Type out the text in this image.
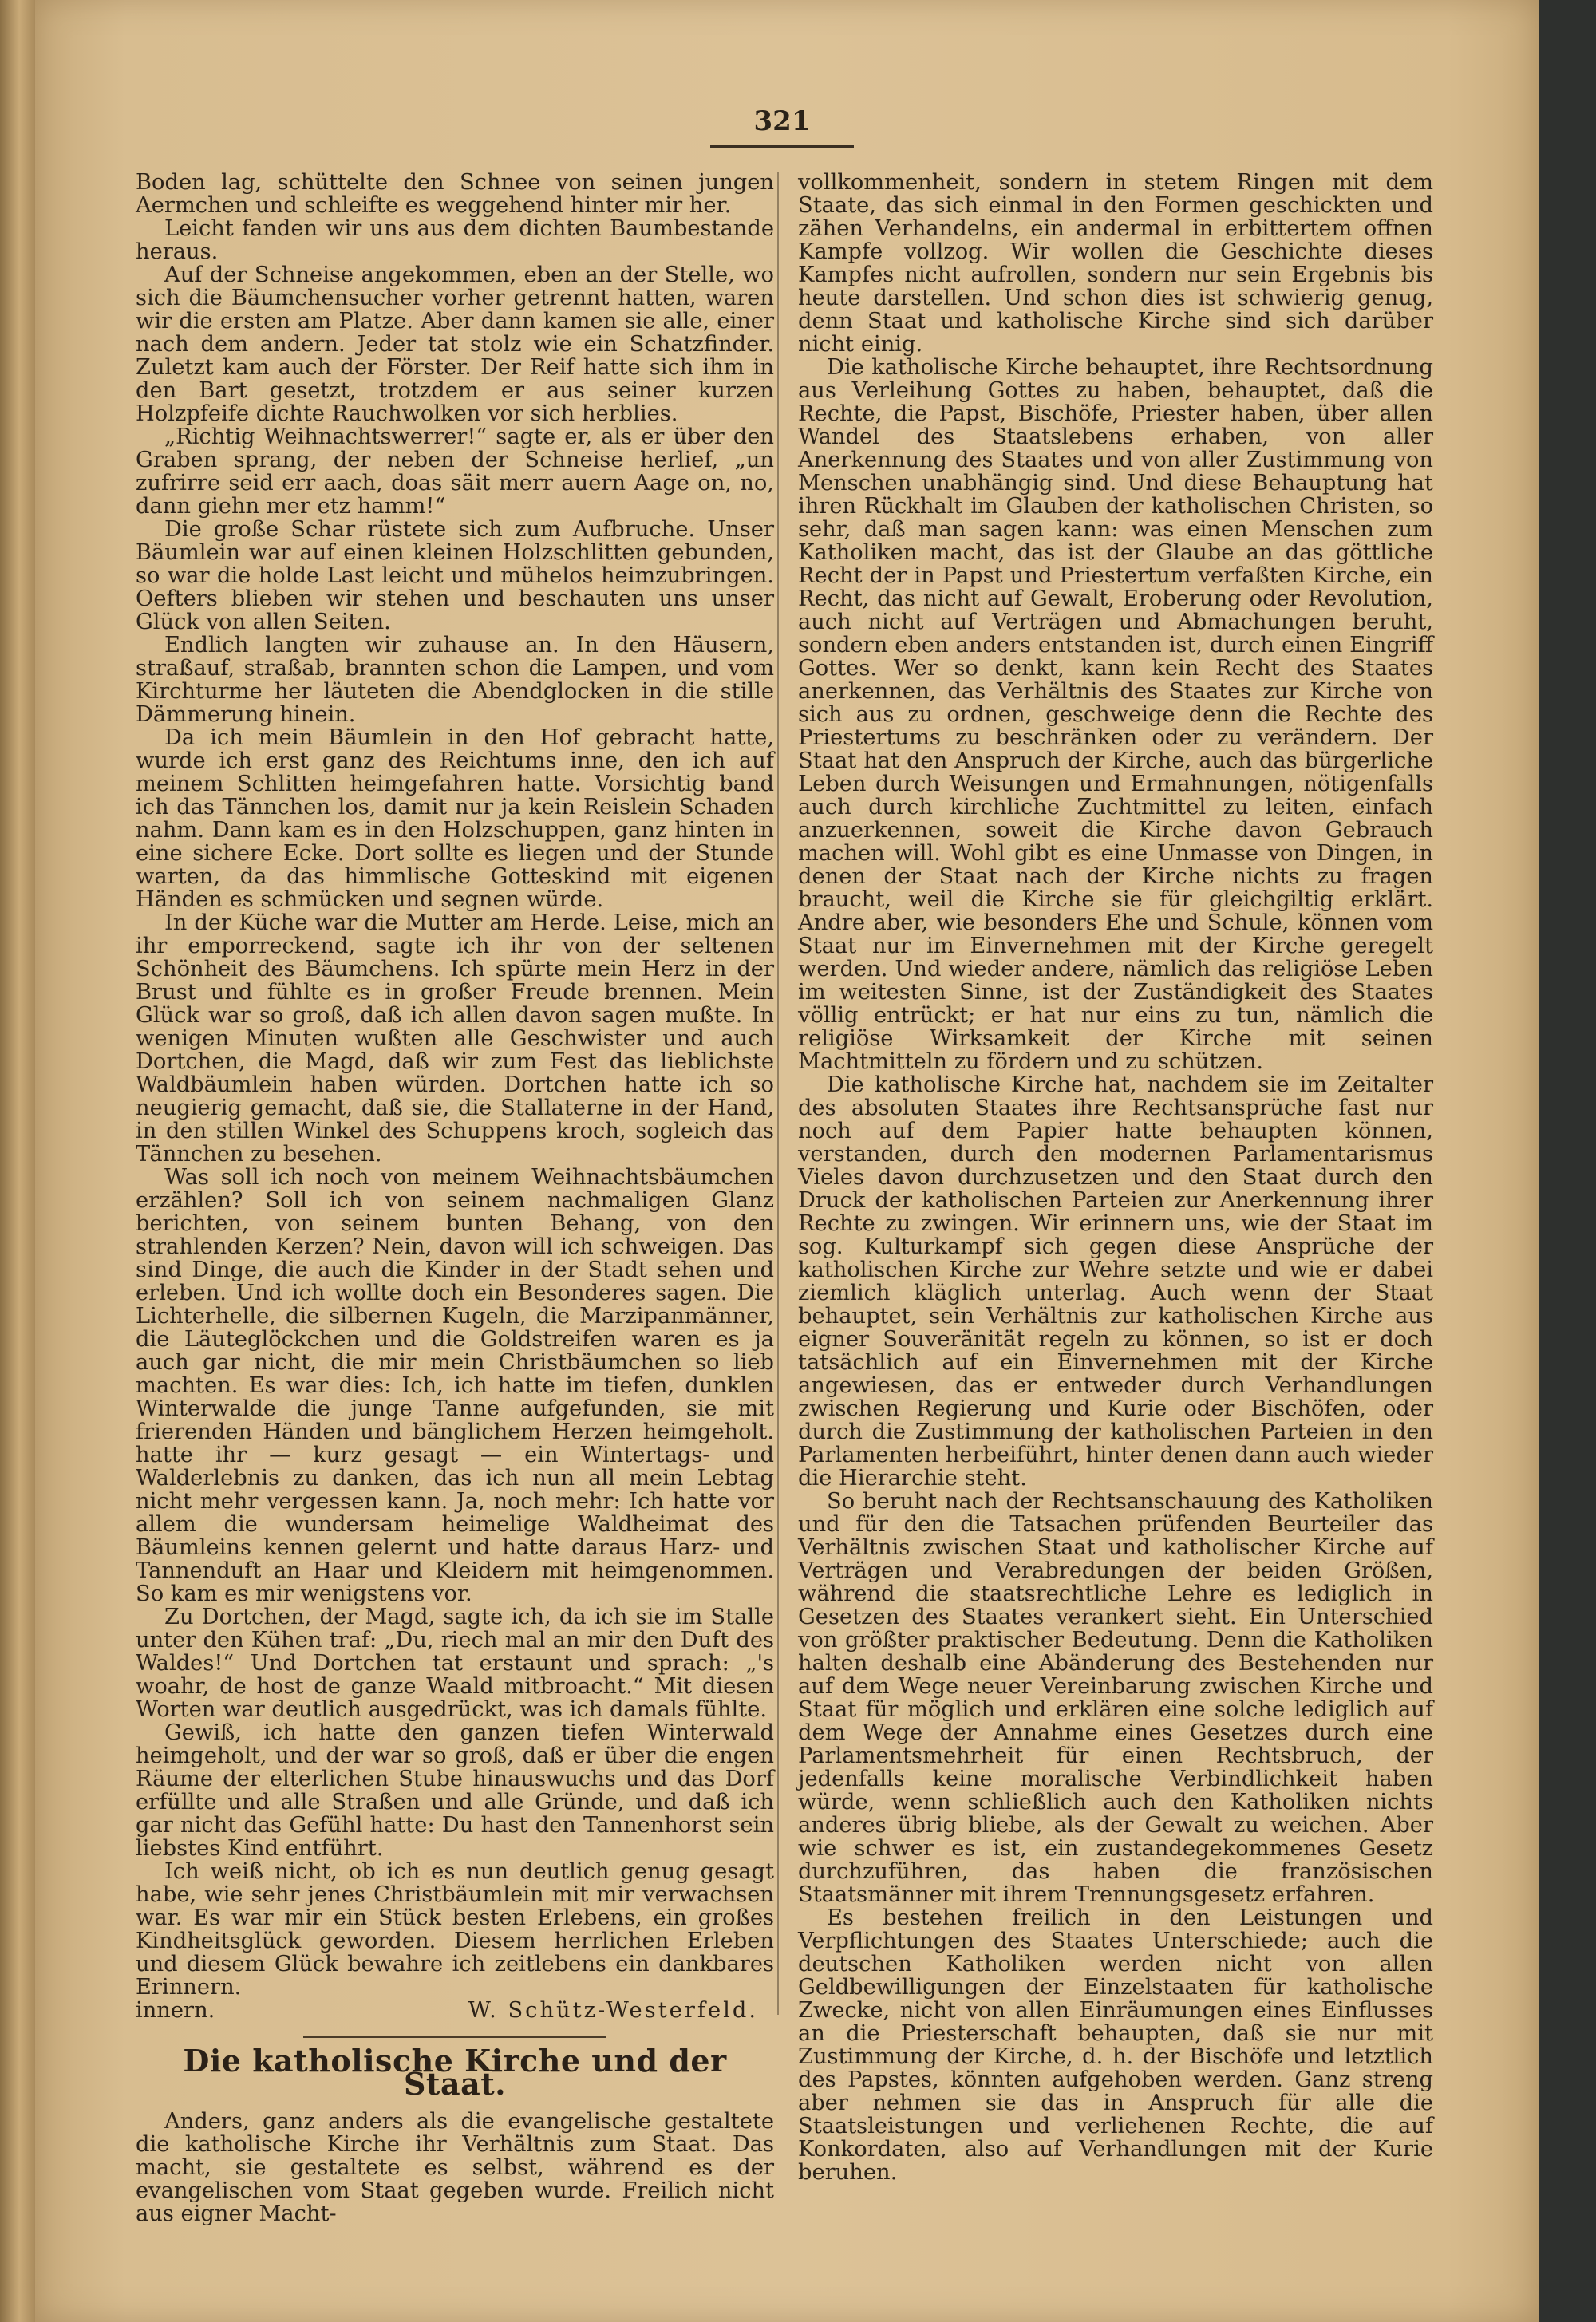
321

Boden lag, schüttelte den Schnee von seinen jungen Aermchen und schleifte es weggehend hinter mir her.

Leicht fanden wir uns aus dem dichten Baumbestande heraus.

Auf der Schneise angekommen, eben an der Stelle, wo sich die Bäumchensucher vorher getrennt hatten, waren wir die ersten am Platze. Aber dann kamen sie alle, einer nach dem andern. Jeder tat stolz wie ein Schatzfinder. Zuletzt kam auch der Förster. Der Reif hatte sich ihm in den Bart gesetzt, trotzdem er aus seiner kurzen Holzpfeife dichte Rauchwolken vor sich herblies.

„Richtig Weihnachtswerrer!“ sagte er, als er über den Graben sprang, der neben der Schneise herlief, „un zufrirre seid err aach, doas säit merr auern Aage on, no, dann giehn mer etz hamm!“

Die große Schar rüstete sich zum Aufbruche. Unser Bäumlein war auf einen kleinen Holzschlitten gebunden, so war die holde Last leicht und mühelos heimzubringen. Oefters blieben wir stehen und beschauten uns unser Glück von allen Seiten.

Endlich langten wir zuhause an. In den Häusern, straßauf, straßab, brannten schon die Lampen, und vom Kirchturme her läuteten die Abendglocken in die stille Dämmerung hinein.

Da ich mein Bäumlein in den Hof gebracht hatte, wurde ich erst ganz des Reichtums inne, den ich auf meinem Schlitten heimgefahren hatte. Vorsichtig band ich das Tännchen los, damit nur ja kein Reislein Schaden nahm. Dann kam es in den Holzschuppen, ganz hinten in eine sichere Ecke. Dort sollte es liegen und der Stunde warten, da das himmlische Gotteskind mit eigenen Händen es schmücken und segnen würde.

In der Küche war die Mutter am Herde. Leise, mich an ihr emporreckend, sagte ich ihr von der seltenen Schönheit des Bäumchens. Ich spürte mein Herz in der Brust und fühlte es in großer Freude brennen. Mein Glück war so groß, daß ich allen davon sagen mußte. In wenigen Minuten wußten alle Geschwister und auch Dortchen, die Magd, daß wir zum Fest das lieblichste Waldbäumlein haben würden. Dortchen hatte ich so neugierig gemacht, daß sie, die Stallaterne in der Hand, in den stillen Winkel des Schuppens kroch, sogleich das Tännchen zu besehen.

Was soll ich noch von meinem Weihnachtsbäumchen erzählen? Soll ich von seinem nachmaligen Glanz berichten, von seinem bunten Behang, von den strahlenden Kerzen? Nein, davon will ich schweigen. Das sind Dinge, die auch die Kinder in der Stadt sehen und erleben. Und ich wollte doch ein Besonderes sagen. Die Lichterhelle, die silbernen Kugeln, die Marzipanmänner, die Läuteglöckchen und die Goldstreifen waren es ja auch gar nicht, die mir mein Christbäumchen so lieb machten. Es war dies: Ich, ich hatte im tiefen, dunklen Winterwalde die junge Tanne aufgefunden, sie mit frierenden Händen und bänglichem Herzen heimgeholt. hatte ihr — kurz gesagt — ein Wintertags- und Walderlebnis zu danken, das ich nun all mein Lebtag nicht mehr vergessen kann. Ja, noch mehr: Ich hatte vor allem die wundersam heimelige Waldheimat des Bäumleins kennen gelernt und hatte daraus Harz- und Tannenduft an Haar und Kleidern mit heimgenommen. So kam es mir wenigstens vor.

Zu Dortchen, der Magd, sagte ich, da ich sie im Stalle unter den Kühen traf: „Du, riech mal an mir den Duft des Waldes!“ Und Dortchen tat erstaunt und sprach: „'s woahr, de host de ganze Waald mitbroacht.“ Mit diesen Worten war deutlich ausgedrückt, was ich damals fühlte.

Gewiß, ich hatte den ganzen tiefen Winterwald heimgeholt, und der war so groß, daß er über die engen Räume der elterlichen Stube hinauswuchs und das Dorf erfüllte und alle Straßen und alle Gründe, und daß ich gar nicht das Gefühl hatte: Du hast den Tannenhorst sein liebstes Kind entführt.

Ich weiß nicht, ob ich es nun deutlich genug gesagt habe, wie sehr jenes Christbäumlein mit mir verwachsen war. Es war mir ein Stück besten Erlebens, ein großes Kindheitsglück geworden. Diesem herrlichen Erleben und diesem Glück bewahre ich zeitlebens ein dankbares Erinnern.

innern.	W. Schütz-Westerfeld.
Die katholische Kirche und der Staat.

Anders, ganz anders als die evangelische gestaltete die katholische Kirche ihr Verhältnis zum Staat. Das macht, sie gestaltete es selbst, während es der evangelischen vom Staat gegeben wurde. Freilich nicht aus eigner Macht-

vollkommenheit, sondern in stetem Ringen mit dem Staate, das sich einmal in den Formen geschickten und zähen Verhandelns, ein andermal in erbittertem offnen Kampfe vollzog. Wir wollen die Geschichte dieses Kampfes nicht aufrollen, sondern nur sein Ergebnis bis heute darstellen. Und schon dies ist schwierig genug, denn Staat und katholische Kirche sind sich darüber nicht einig.

Die katholische Kirche behauptet, ihre Rechtsordnung aus Verleihung Gottes zu haben, behauptet, daß die Rechte, die Papst, Bischöfe, Priester haben, über allen Wandel des Staatslebens erhaben, von aller Anerkennung des Staates und von aller Zustimmung von Menschen unabhängig sind. Und diese Behauptung hat ihren Rückhalt im Glauben der katholischen Christen, so sehr, daß man sagen kann: was einen Menschen zum Katholiken macht, das ist der Glaube an das göttliche Recht der in Papst und Priestertum verfaßten Kirche, ein Recht, das nicht auf Gewalt, Eroberung oder Revolution, auch nicht auf Verträgen und Abmachungen beruht, sondern eben anders entstanden ist, durch einen Eingriff Gottes. Wer so denkt, kann kein Recht des Staates anerkennen, das Verhältnis des Staates zur Kirche von sich aus zu ordnen, geschweige denn die Rechte des Priestertums zu beschränken oder zu verändern. Der Staat hat den Anspruch der Kirche, auch das bürgerliche Leben durch Weisungen und Ermahnungen, nötigenfalls auch durch kirchliche Zuchtmittel zu leiten, einfach anzuerkennen, soweit die Kirche davon Gebrauch machen will. Wohl gibt es eine Unmasse von Dingen, in denen der Staat nach der Kirche nichts zu fragen braucht, weil die Kirche sie für gleichgiltig erklärt. Andre aber, wie besonders Ehe und Schule, können vom Staat nur im Einvernehmen mit der Kirche geregelt werden. Und wieder andere, nämlich das religiöse Leben im weitesten Sinne, ist der Zuständigkeit des Staates völlig entrückt; er hat nur eins zu tun, nämlich die religiöse Wirksamkeit der Kirche mit seinen Machtmitteln zu fördern und zu schützen.

Die katholische Kirche hat, nachdem sie im Zeitalter des absoluten Staates ihre Rechtsansprüche fast nur noch auf dem Papier hatte behaupten können, verstanden, durch den modernen Parlamentarismus Vieles davon durchzusetzen und den Staat durch den Druck der katholischen Parteien zur Anerkennung ihrer Rechte zu zwingen. Wir erinnern uns, wie der Staat im sog. Kulturkampf sich gegen diese Ansprüche der katholischen Kirche zur Wehre setzte und wie er dabei ziemlich kläglich unterlag. Auch wenn der Staat behauptet, sein Verhältnis zur katholischen Kirche aus eigner Souveränität regeln zu können, so ist er doch tatsächlich auf ein Einvernehmen mit der Kirche angewiesen, das er entweder durch Verhandlungen zwischen Regierung und Kurie oder Bischöfen, oder durch die Zustimmung der katholischen Parteien in den Parlamenten herbeiführt, hinter denen dann auch wieder die Hierarchie steht.

So beruht nach der Rechtsanschauung des Katholiken und für den die Tatsachen prüfenden Beurteiler das Verhältnis zwischen Staat und katholischer Kirche auf Verträgen und Verabredungen der beiden Größen, während die staatsrechtliche Lehre es lediglich in Gesetzen des Staates verankert sieht. Ein Unterschied von größter praktischer Bedeutung. Denn die Katholiken halten deshalb eine Abänderung des Bestehenden nur auf dem Wege neuer Vereinbarung zwischen Kirche und Staat für möglich und erklären eine solche lediglich auf dem Wege der Annahme eines Gesetzes durch eine Parlamentsmehrheit für einen Rechtsbruch, der jedenfalls keine moralische Verbindlichkeit haben würde, wenn schließlich auch den Katholiken nichts anderes übrig bliebe, als der Gewalt zu weichen. Aber wie schwer es ist, ein zustandegekommenes Gesetz durchzuführen, das haben die französischen Staatsmänner mit ihrem Trennungsgesetz erfahren.

Es bestehen freilich in den Leistungen und Verpflichtungen des Staates Unterschiede; auch die deutschen Katholiken werden nicht von allen Geldbewilligungen der Einzelstaaten für katholische Zwecke, nicht von allen Einräumungen eines Einflusses an die Priesterschaft behaupten, daß sie nur mit Zustimmung der Kirche, d. h. der Bischöfe und letztlich des Papstes, könnten aufgehoben werden. Ganz streng aber nehmen sie das in Anspruch für alle die Staatsleistungen und verliehenen Rechte, die auf Konkordaten, also auf Verhandlungen mit der Kurie beruhen.
